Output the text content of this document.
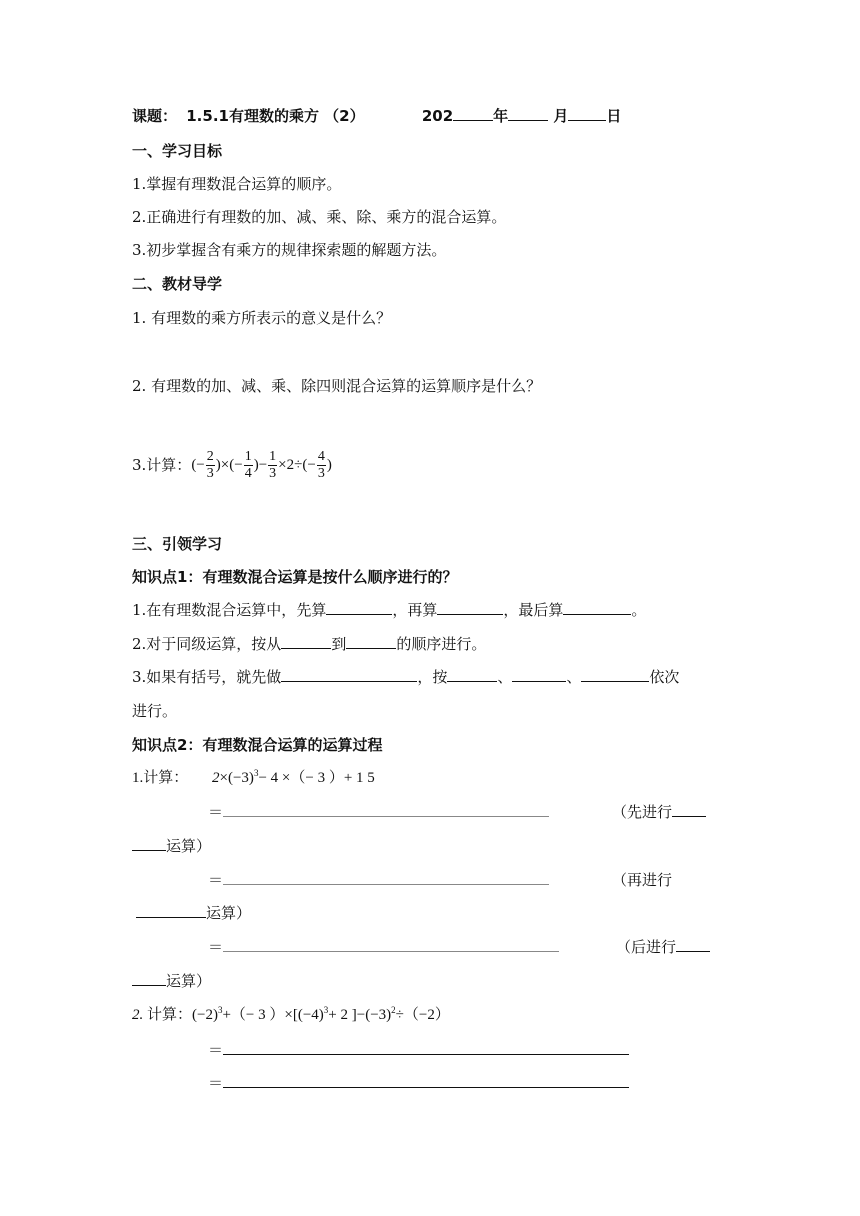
课题： 1.5.1有理数的乘方 （2）	202	年	月	日
一、学习目标
1.掌握有理数混合运算的顺序。
2.正确进行有理数的加、减、乘、除、乘方的混合运算。
3.初步掌握含有乘方的规律探索题的解题方法。
二、教材导学
1. 有理数的乘方所表示的意义是什么？
2. 有理数的加、减、乘、除四则混合运算的运算顺序是什么？
3.计算： (− $\frac{2}{3}$ )×(− $\frac{1}{4}$ )− $\frac{1}{3} \times 2\div(- \frac{4}{3}$ )
三、引领学习
知识点1：有理数混合运算是按什么顺序进行的？
1.在有理数混合运算中，先算	，再算	，最后算	。
2.对于同级运算，按从	到	的顺序进行。
3.如果有括号，就先做	，按	、	、	依次
进行。
知识点2：有理数混合运算的运算过程
1.计算： $2\times(-3)^3- 4$ ×（− 3 ）+ 1 5
＝	（先进行
运算）
＝	（再进行
运算）
＝	（后进行
运算）
2. 计算：$(-2)^3+(- 3$ ）$\times[(-4)^3+ 2$ ]$-(-3)^2\div(-2)$
＝
＝
